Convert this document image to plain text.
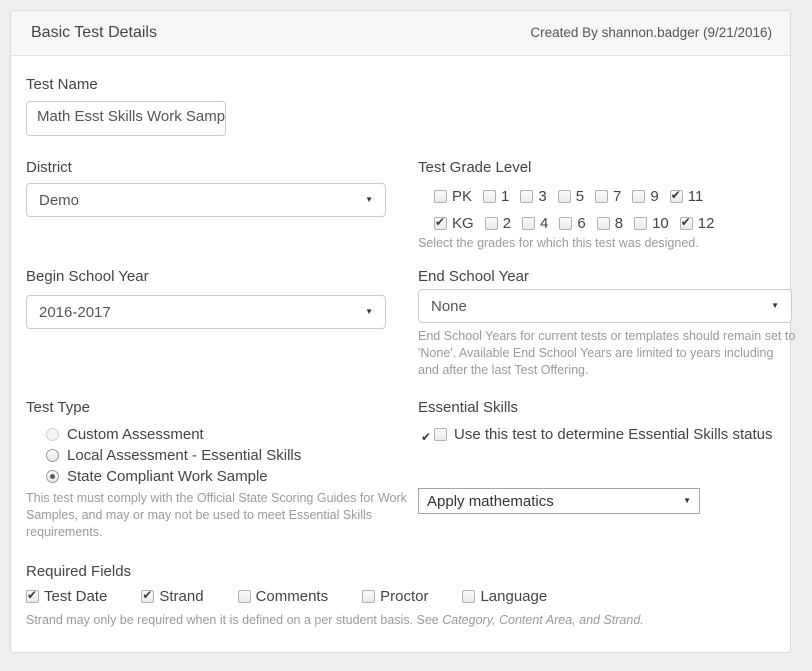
Basic Test Details	Created By shannon.badger (9/21/2016)
Test Name
Math Esst Skills Work Samp
District
Demo	▼
Test Grade Level
PK 1 3 5 7 9 ✔ 11
✔
KG 2 4 6 8 10 ✔ 12
Select the grades for which this test was designed.
Begin School Year
2016-2017	▼
End School Year
None	▼
End School Years for current tests or templates should remain set to 'None'. Available End School Years are limited to years including and after the last Test Offering.
Test Type
Custom Assessment
Local Assessment - Essential Skills
State Compliant Work Sample
This test must comply with the Official State Scoring Guides for Work Samples, and may or may not be used to meet Essential Skills requirements.
Essential Skills
✔Use this test to determine Essential Skills status
Apply mathematics	▼
Required Fields
✔
Test Date ✔	Strand	Comments	Proctor	Language
Strand may only be required when it is defined on a per student basis. See Category, Content Area, and Strand.
